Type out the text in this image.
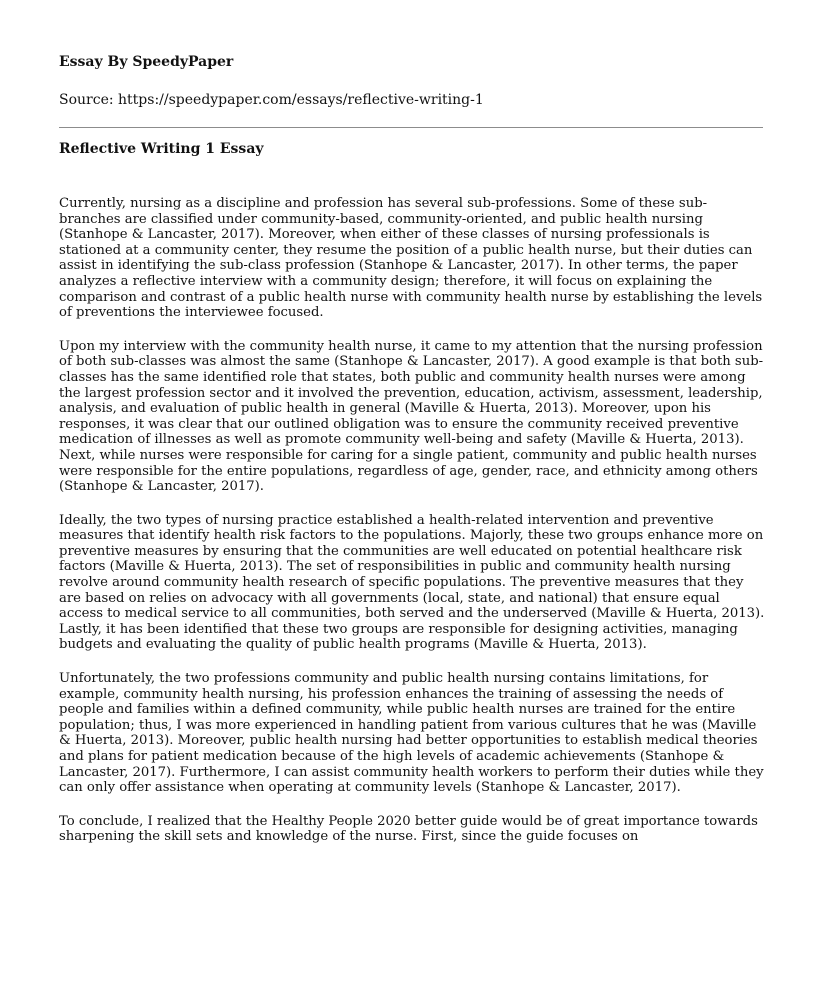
Essay By SpeedyPaper

Source: https://speedypaper.com/essays/reflective-writing-1

Reflective Writing 1 Essay

Currently, nursing as a discipline and profession has several sub-professions. Some of these sub-branches are classified under community-based, community-oriented, and public health nursing (Stanhope & Lancaster, 2017). Moreover, when either of these classes of nursing professionals is stationed at a community center, they resume the position of a public health nurse, but their duties can assist in identifying the sub-class profession (Stanhope & Lancaster, 2017). In other terms, the paper analyzes a reflective interview with a community design; therefore, it will focus on explaining the comparison and contrast of a public health nurse with community health nurse by establishing the levels of preventions the interviewee focused.

Upon my interview with the community health nurse, it came to my attention that the nursing profession of both sub-classes was almost the same (Stanhope & Lancaster, 2017). A good example is that both sub-classes has the same identified role that states, both public and community health nurses were among the largest profession sector and it involved the prevention, education, activism, assessment, leadership, analysis, and evaluation of public health in general (Maville & Huerta, 2013). Moreover, upon his responses, it was clear that our outlined obligation was to ensure the community received preventive medication of illnesses as well as promote community well-being and safety (Maville & Huerta, 2013). Next, while nurses were responsible for caring for a single patient, community and public health nurses were responsible for the entire populations, regardless of age, gender, race, and ethnicity among others (Stanhope & Lancaster, 2017).

Ideally, the two types of nursing practice established a health-related intervention and preventive measures that identify health risk factors to the populations. Majorly, these two groups enhance more on preventive measures by ensuring that the communities are well educated on potential healthcare risk factors (Maville & Huerta, 2013). The set of responsibilities in public and community health nursing revolve around community health research of specific populations. The preventive measures that they are based on relies on advocacy with all governments (local, state, and national) that ensure equal access to medical service to all communities, both served and the underserved (Maville & Huerta, 2013). Lastly, it has been identified that these two groups are responsible for designing activities, managing budgets and evaluating the quality of public health programs (Maville & Huerta, 2013).

Unfortunately, the two professions community and public health nursing contains limitations, for example, community health nursing, his profession enhances the training of assessing the needs of people and families within a defined community, while public health nurses are trained for the entire population; thus, I was more experienced in handling patient from various cultures that he was (Maville & Huerta, 2013). Moreover, public health nursing had better opportunities to establish medical theories and plans for patient medication because of the high levels of academic achievements (Stanhope & Lancaster, 2017). Furthermore, I can assist community health workers to perform their duties while they can only offer assistance when operating at community levels (Stanhope & Lancaster, 2017).

To conclude, I realized that the Healthy People 2020 better guide would be of great importance towards sharpening the skill sets and knowledge of the nurse. First, since the guide focuses on
